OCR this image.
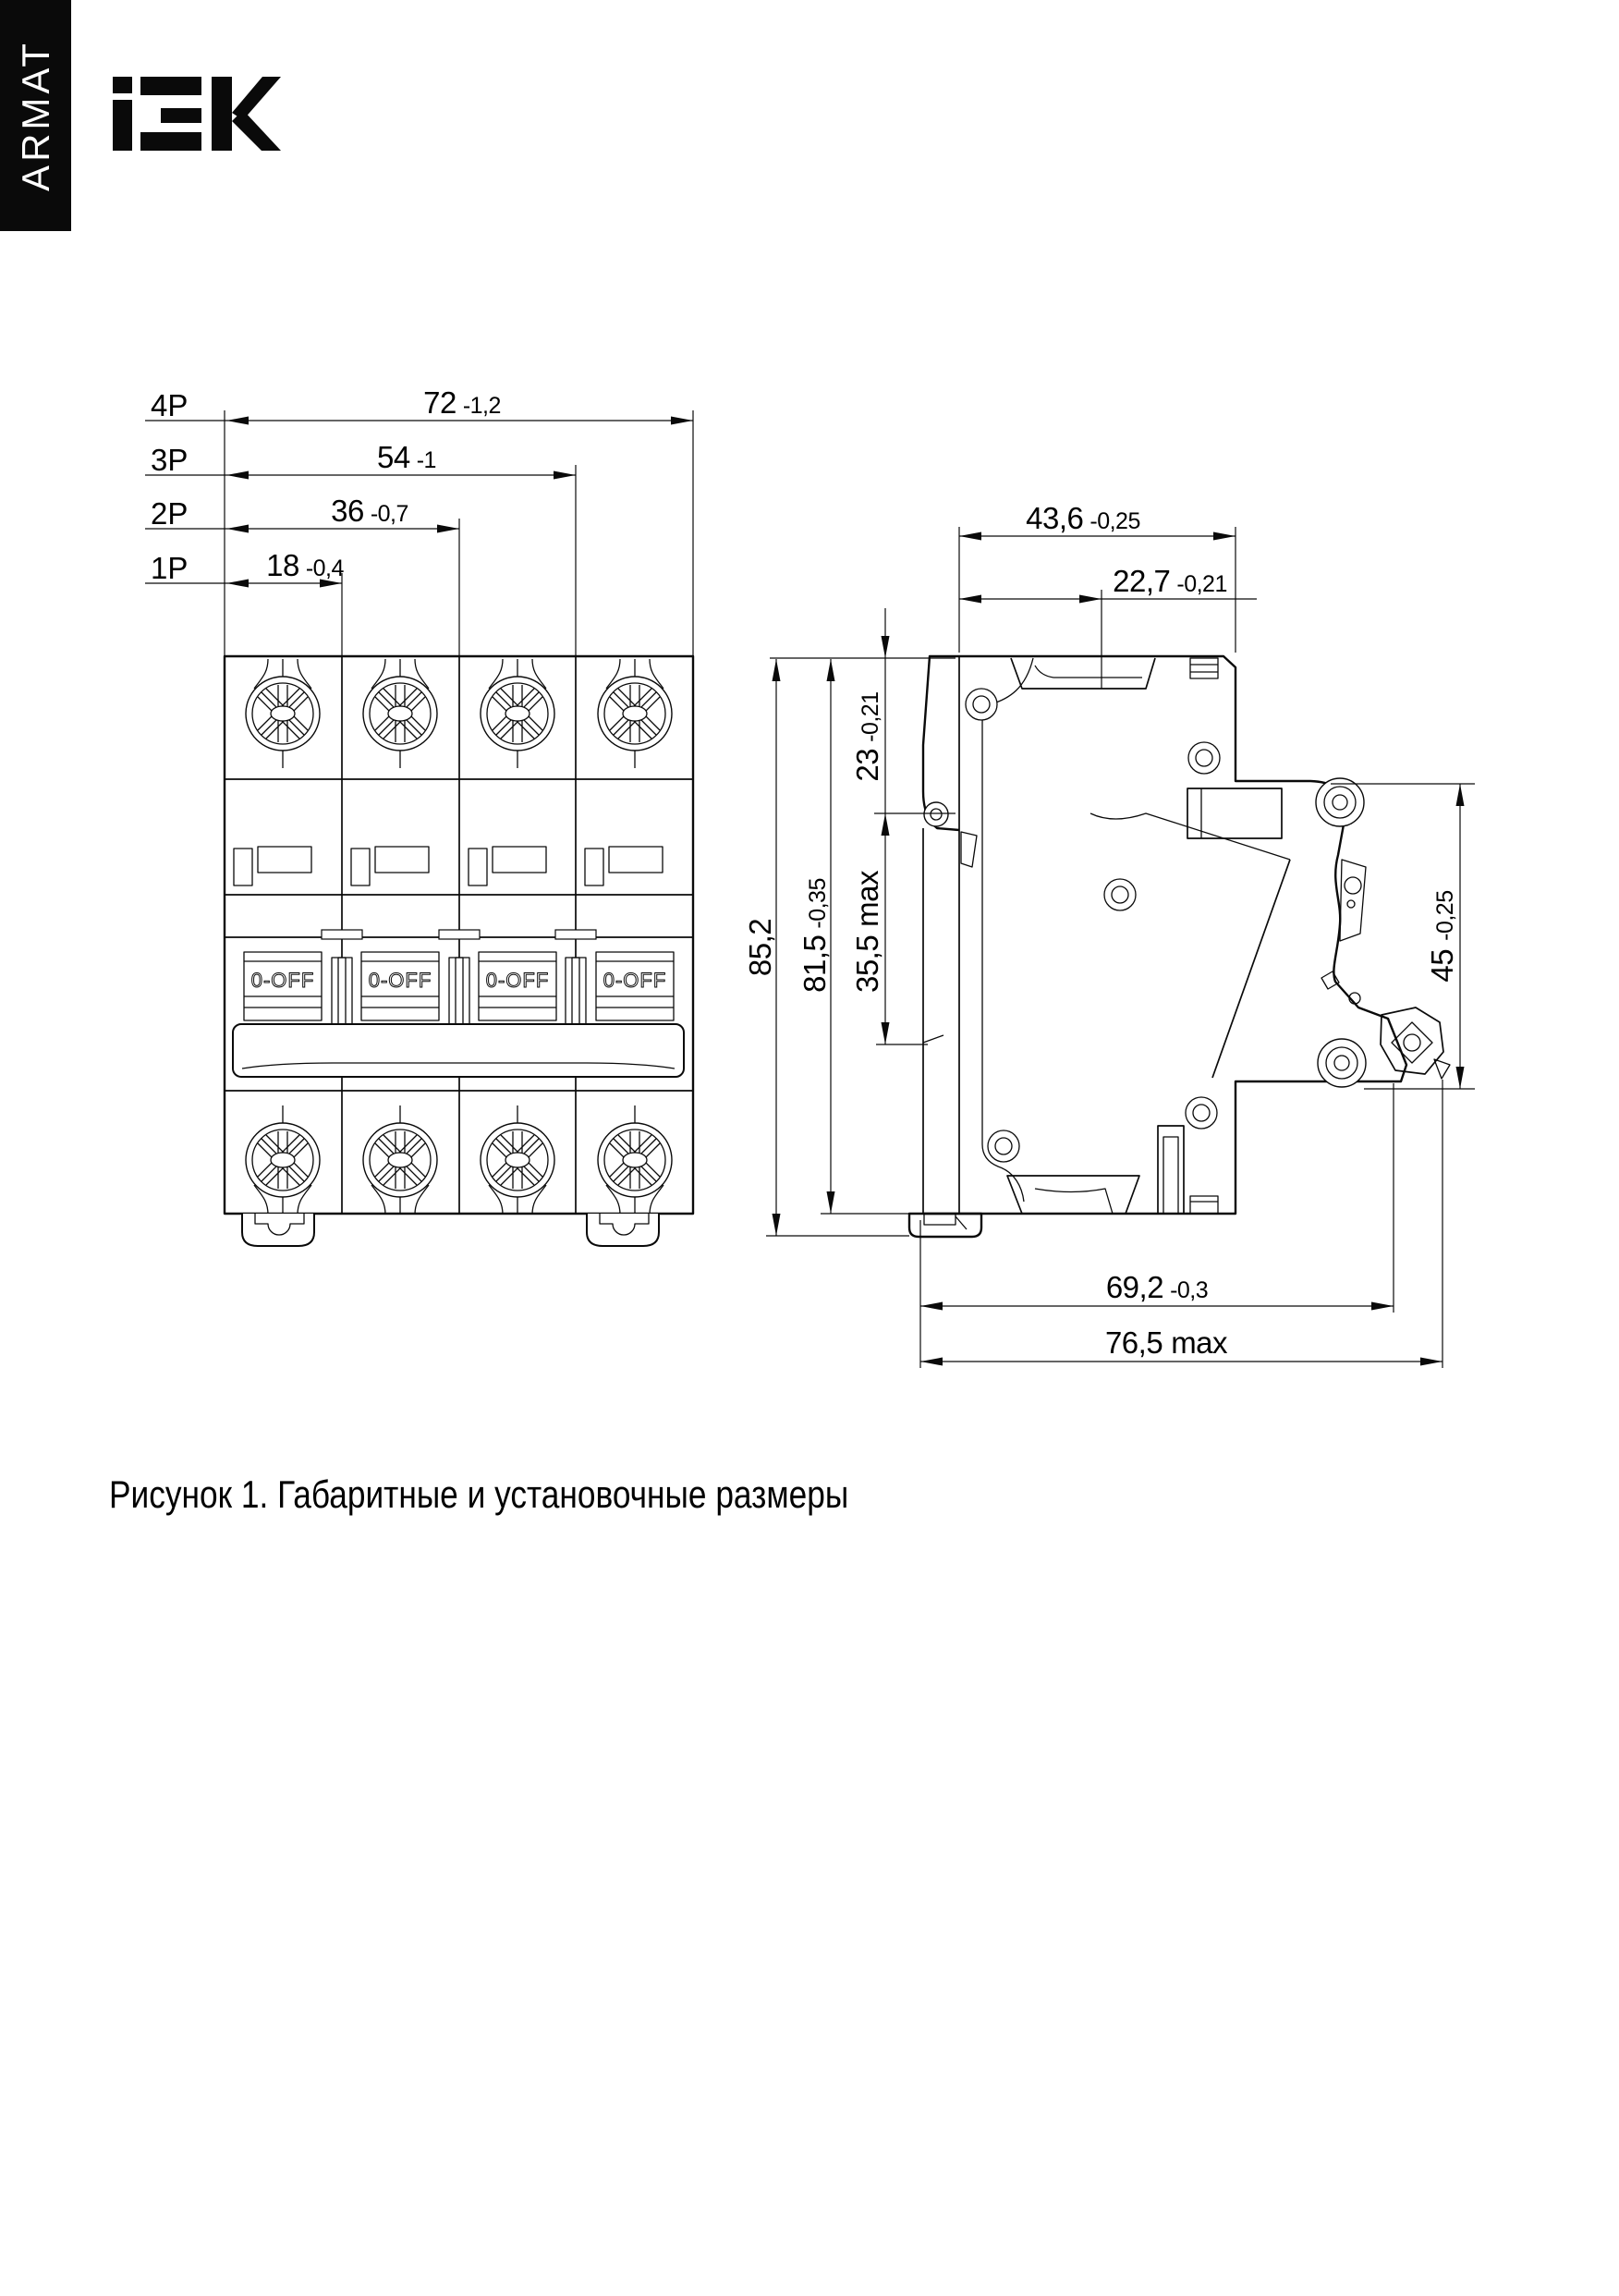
ARMAT
0-OFF	0-OFF	0-OFF	0-OFF
4P
3P
2P
1P
72 -1,2
54 -1
36 -0,7
18 -0,4
43,6 -0,25
22,7 -0,21
23-0,21
35,5max
85,2 81,5-0,35
45-0,25
69,2 -0,3
76,5 max
Рисунок 1. Габаритные и установочные размеры
